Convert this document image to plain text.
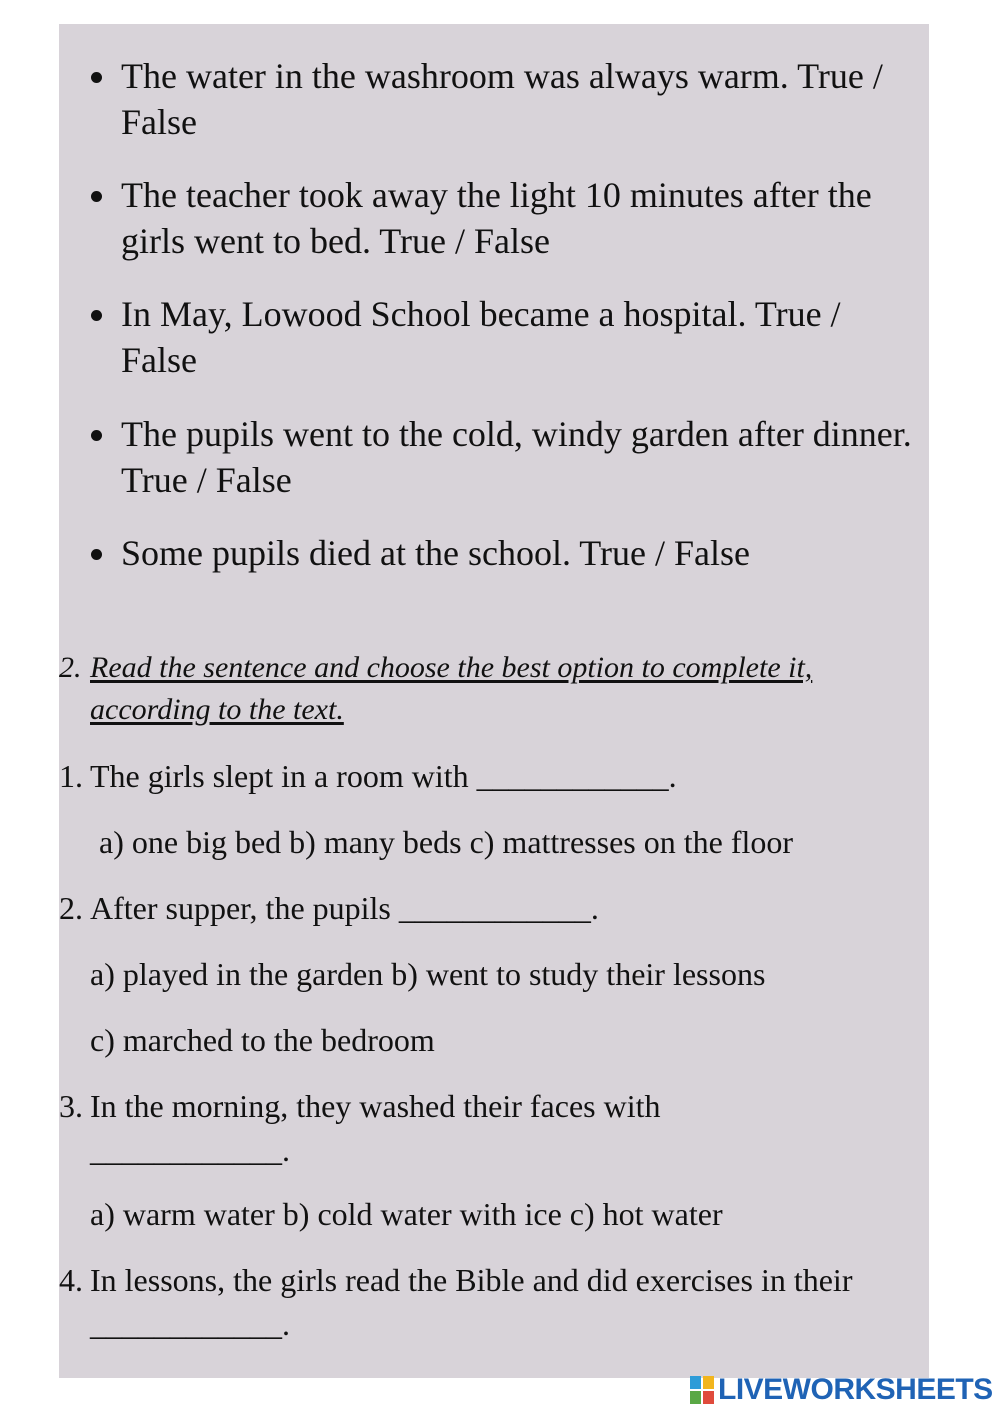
The water in the washroom was always warm. True / False
The teacher took away the light 10 minutes after the girls went to bed. True / False
In May, Lowood School became a hospital. True / False
The pupils went to the cold, windy garden after dinner. True / False
Some pupils died at the school. True / False
2. Read the sentence and choose the best option to complete it, according to the text.
1. The girls slept in a room with ____________.
a) one big bed b) many beds c) mattresses on the floor
2. After supper, the pupils ____________.
a) played in the garden b) went to study their lessons
c) marched to the bedroom
3. In the morning, they washed their faces with ____________.
a) warm water b) cold water with ice c) hot water
4. In lessons, the girls read the Bible and did exercises in their ____________.
LIVEWORKSHEETS
